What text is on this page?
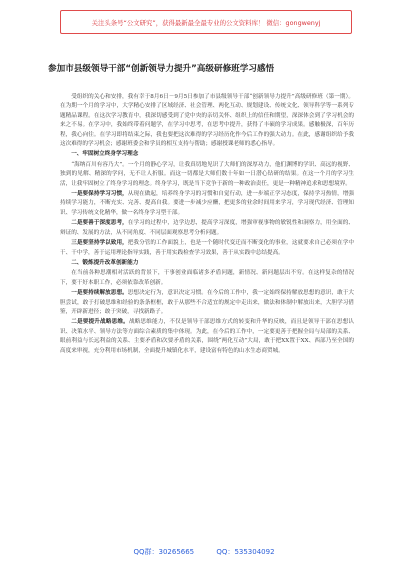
关注头条号“公文研究”，获得最新最全最专业的公文资料库！ 微信：gongwenyj
参加市县级领导干部“创新领导力提升”高级研修班学习感悟

受组织的关心和安排，我有幸于8月6日－9月5日参加了市县级领导干部“创新领导力提升”高级研修班（第一期）。在为期一个月的学习中，大学精心安排了区域经济、社会管理、两化互动、规划建设、传统文化、领导科学等一系列专题精品课程。在这次学习教育中，我深切感受到了党中央的亲切关怀、组织上的信任和期望，深深体会到了学习机会的来之不易。在学习中，我始终带着问题学，在学习中思考，在思考中提升，获得了丰硕的学习成果。感触极深，百年历程，我心向往。在学习即将结束之际，我也要把这次难得的学习经历化作今后工作的强大动力。在此，感谢组织给予我这次难得的学习机会；感谢班委会和学员的相互支持与帮助；感谢授课老师的悉心指导。

一、牢固树立终身学习理念

“海纳百川有容乃大”。一个月的静心学习，让我真切地见识了大师们的深厚功力，他们渊博的学识、高远的视野、独到的见解、精深的学问，无不让人折服。而这一切都是大师们数十年如一日潜心钻研的结果。在这一个月的学习生活，让我牢固树立了终身学习的理念。终身学习，既是当下竞争于新的一种政治责任，更是一种精神追求和思想境界。

一是要保持学习习惯，从现在做起，培养终身学习的习惯和自觉行动，进一步端正学习态度，保持学习热情，增强持续学习能力，不断充实、完善、提高自我。要进一步减少应酬，把更多的业余时间用来学习，学习现代经济、管理知识、学习传统文化精华，做一名终身学习型干部。

二是要善于深度思考，在学习的过程中，边学边思，提高学习深度，增强审视事物的敏锐性和洞察力，用全面的、辩证的、发展的方法，从不同角度、不同层面观察思考分析问题。

三是要坚持学以致用，把我分管的工作面貌上，也是一个随时代变迁而不断变化的事业，这就要求自己必须在学中干、干中学，善于运用理论指导实践，善于用实践检查学习效果，善于从实践中总结提高。

二、锻炼提升改革创新能力

在当前各种思潮相对活跃的背景下，干事创业面临诸多矛盾问题，新情况、新问题层出不穷。在这样复杂的情况下，要干好本职工作，必须依靠改革创新。

一是要持续解放思想。思想决定行为，意识决定习惯。在今后的工作中，我一定始终保持解放思想的意识，敢于大胆尝试，敢于打破思维和经验的条条框框，敢于从那些不合适宜的规定中走出来，做法和体制中解放出来，大胆学习借鉴，开辟新进径；敢于突破，寻找新路子。

二是要提升战略思维。战略思维能力，不仅是领导干部思维方式的转变和升华的反映，而且是领导干部在思想认识、决策水平、领导方法等方面综合素质的集中体现。为此，在今后的工作中，一定要更善于把握全局与局部的关系、眼前利益与长远利益的关系、主要矛盾和次要矛盾的关系，围绕“两化互动”大局，敢于把XX置于XX、西部乃至全国的高度来审视，充分利用市场机制，全面提升城镇化水平，建设富有特色的山水生态商贸城。

QQ群：30265665	QQ：535304092
